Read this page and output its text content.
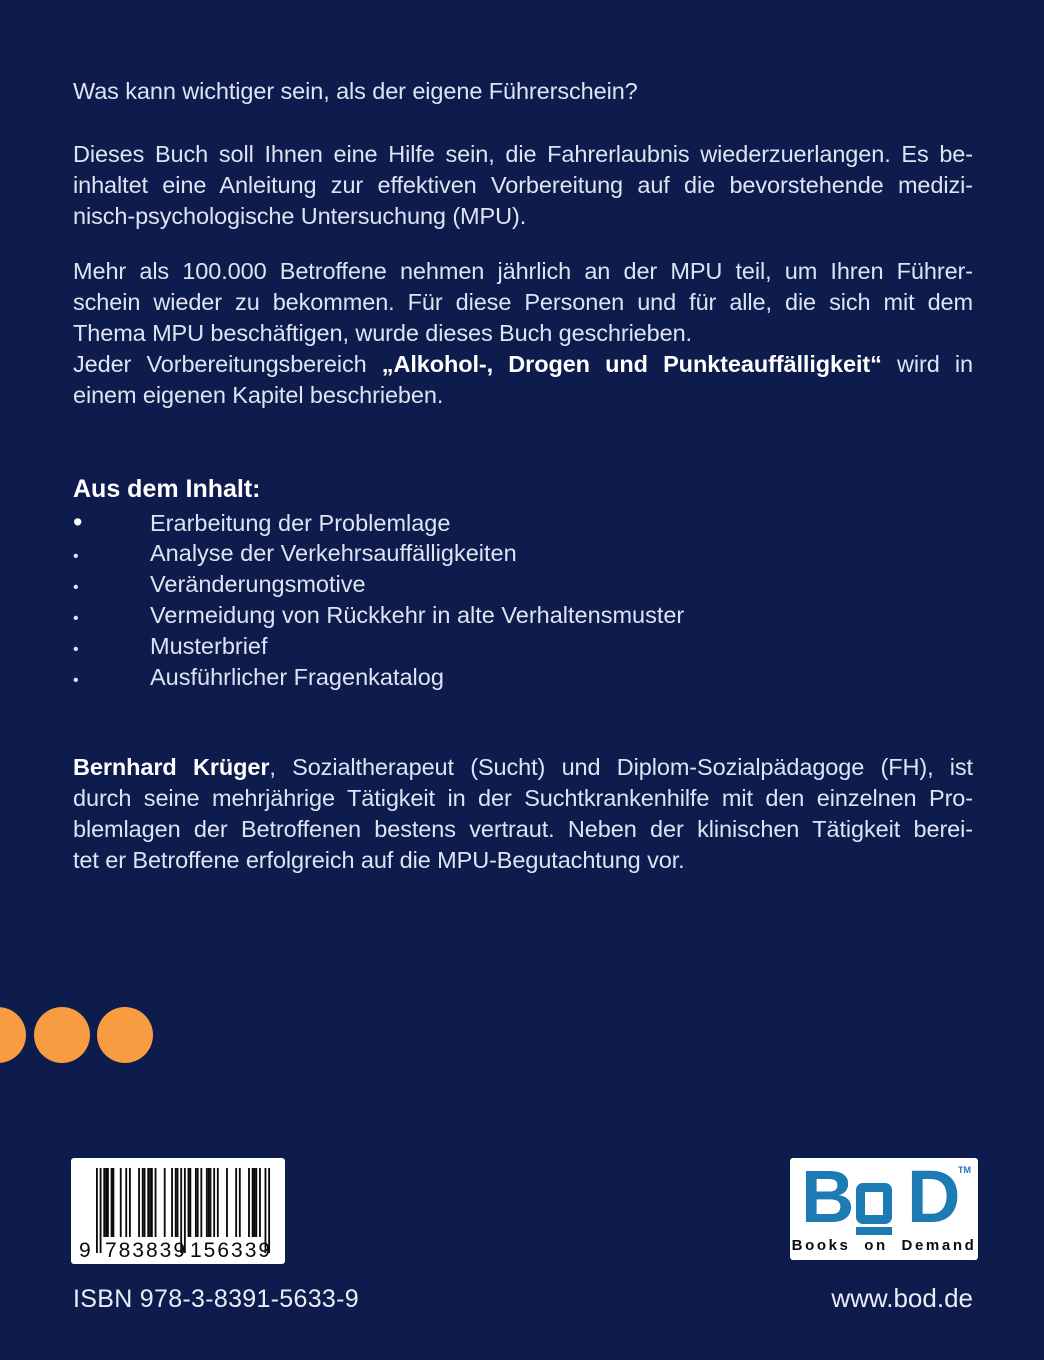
Was kann wichtiger sein, als der eigene Führerschein?
Dieses Buch soll Ihnen eine Hilfe sein, die Fahrerlaubnis wiederzuerlangen. Es be-
inhaltet eine Anleitung zur effektiven Vorbereitung auf die bevorstehende medizi-
nisch-psychologische Untersuchung (MPU).
Mehr als 100.000 Betroffene nehmen jährlich an der MPU teil, um Ihren Führer-
schein wieder zu bekommen. Für diese Personen und für alle, die sich mit dem
Thema MPU beschäftigen, wurde dieses Buch geschrieben.
Jeder Vorbereitungsbereich „Alkohol-, Drogen und Punkteauffälligkeit“ wird in
einem eigenen Kapitel beschrieben.
Aus dem Inhalt:
•	Erarbeitung der Problemlage
•	Analyse der Verkehrsauffälligkeiten
•	Veränderungsmotive
•	Vermeidung von Rückkehr in alte Verhaltensmuster
•	Musterbrief
•	Ausführlicher Fragenkatalog
Bernhard Krüger, Sozialtherapeut (Sucht) und Diplom-Sozialpädagoge (FH), ist
durch seine mehrjährige Tätigkeit in der Suchtkrankenhilfe mit den einzelnen Pro-
blemlagen der Betroffenen bestens vertraut. Neben der klinischen Tätigkeit berei-
tet er Betroffene erfolgreich auf die MPU-Begutachtung vor.
9 783839 156339
B D
TM
Books on Demand
ISBN 978-3-8391-5633-9	www.bod.de
